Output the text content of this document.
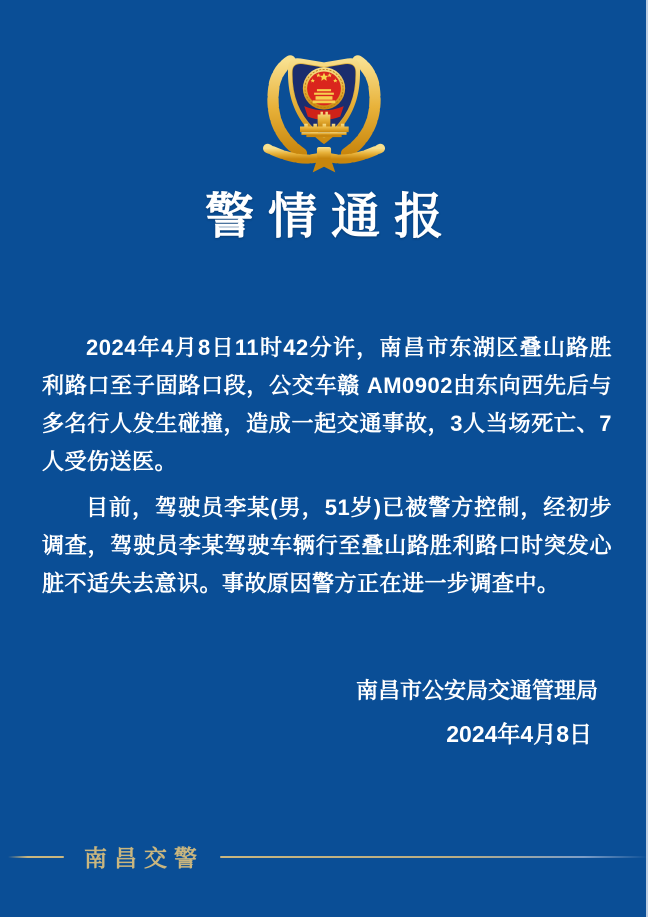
警情通报

2024年4月8日11时42分许，南昌市东湖区叠山路胜利路口至子固路口段，公交车赣 AM0902由东向西先后与多名行人发生碰撞，造成一起交通事故，3人当场死亡、7人受伤送医。

目前，驾驶员李某(男，51岁)已被警方控制，经初步调查，驾驶员李某驾驶车辆行至叠山路胜利路口时突发心脏不适失去意识。事故原因警方正在进一步调查中。

南昌市公安局交通管理局
2024年4月8日
南昌交警
